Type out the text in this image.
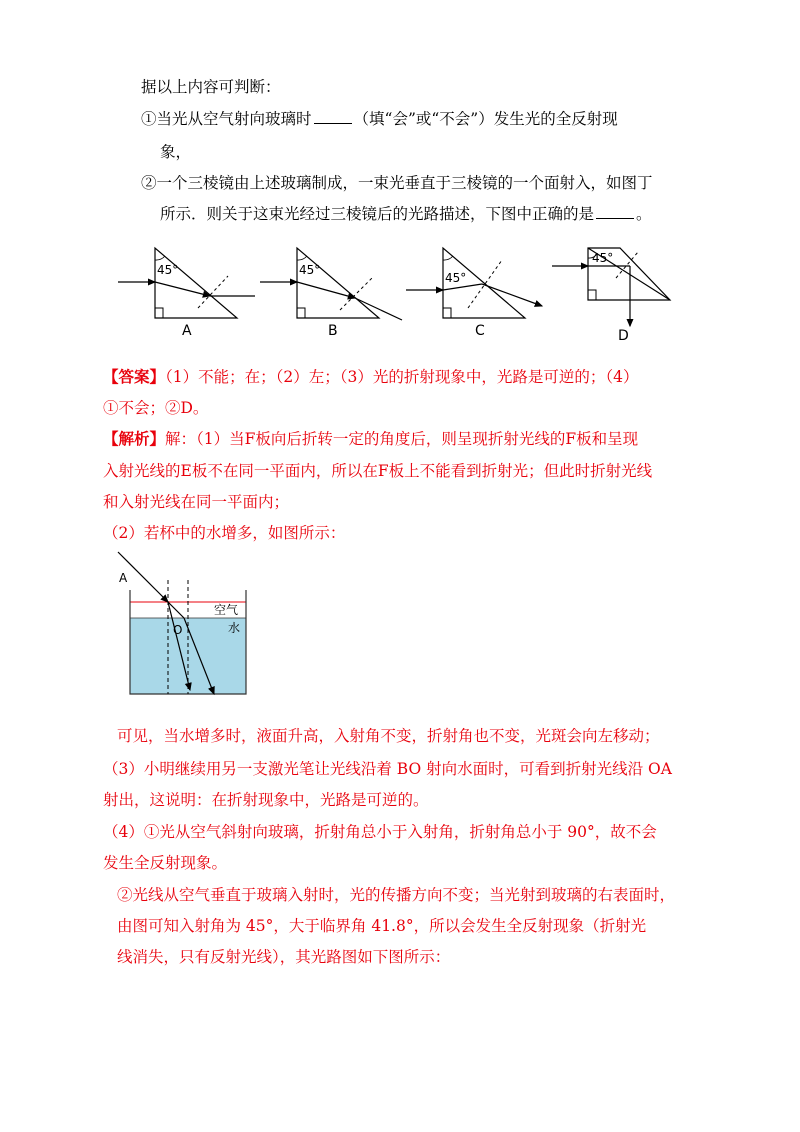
据以上内容可判断：
①当光从空气射向玻璃时	（填“会”或“不会”）发生光的全反射现
象，
②一个三棱镜由上述玻璃制成，一束光垂直于三棱镜的一个面射入，如图丁
所示．则关于这束光经过三棱镜后的光路描述，下图中正确的是	。
A	B	C	D
45°	45°
45°
45°
【答案】（1）不能；在；（2）左；（3）光的折射现象中，光路是可逆的；（4）
①不会；②D。
【解析】解：（1）当F板向后折转一定的角度后，则呈现折射光线的F板和呈现
入射光线的E板不在同一平面内，所以在F板上不能看到折射光；但此时折射光线
和入射光线在同一平面内；
（2）若杯中的水增多，如图所示：
A
O
空气
水
可见，当水增多时，液面升高，入射角不变，折射角也不变，光斑会向左移动；
（3）小明继续用另一支激光笔让光线沿着 BO 射向水面时，可看到折射光线沿 OA
射出，这说明：在折射现象中，光路是可逆的。
（4）①光从空气斜射向玻璃，折射角总小于入射角，折射角总小于 90°，故不会
发生全反射现象。
②光线从空气垂直于玻璃入射时，光的传播方向不变；当光射到玻璃的右表面时，
由图可知入射角为 45°，大于临界角 41.8°，所以会发生全反射现象（折射光
线消失，只有反射光线），其光路图如下图所示：
